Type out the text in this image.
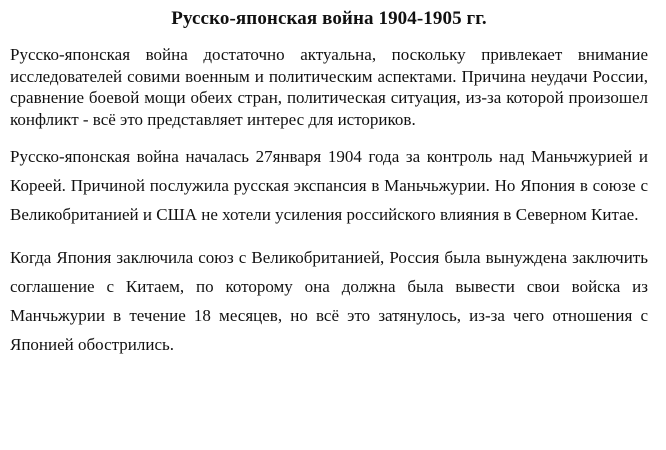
Русско-японская война 1904-1905 гг.

Русско-японская война достаточно актуальна, поскольку привлекает внимание исследователей совими военным и политическим аспектами. Причина неудачи России, сравнение боевой мощи обеих стран, политическая ситуация, из-за которой произошел конфликт - всё это представляет интерес для историков.

Русско-японская война началась 27января 1904 года за контроль над Маньчжурией и Кореей. Причиной послужила русская экспансия в Маньчьжурии. Но Япония в союзе с Великобританией и США не хотели усиления российского влияния в Северном Китае.

Когда Япония заключила союз с Великобританией, Россия была вынуждена заключить соглашение с Китаем, по которому она должна была вывести свои войска из Манчьжурии в течение 18 месяцев, но всё это затянулось, из-за чего отношения с Японией обострились.
